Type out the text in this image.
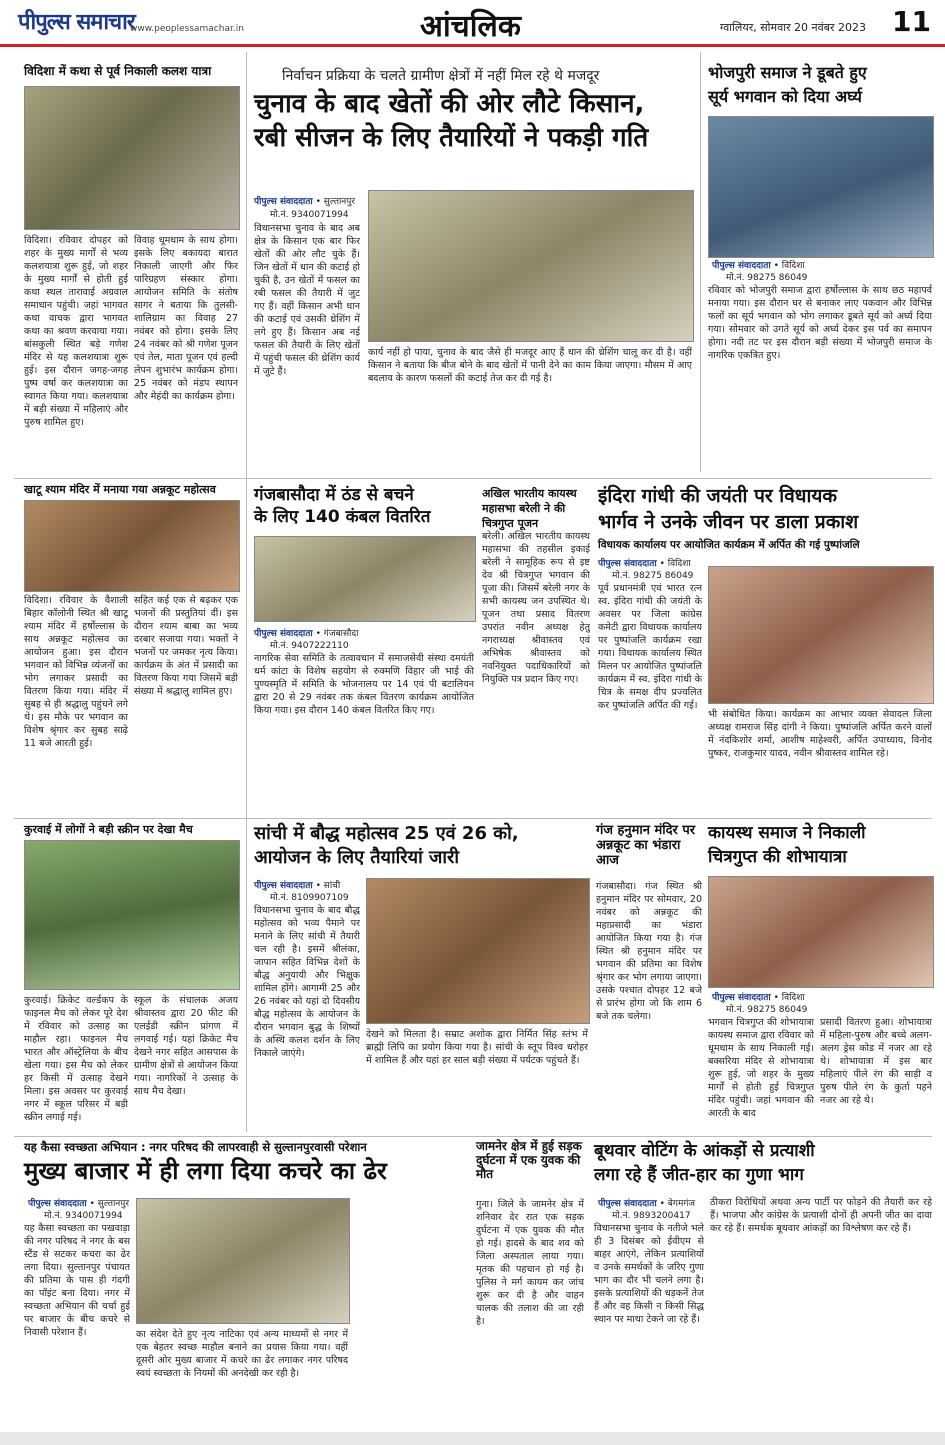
पीपुल्स समाचार
www.peoplessamachar.in	आंचलिक	ग्वालियर, सोमवार 20 नवंबर 2023 11
विदिशा में कथा से पूर्व निकाली कलश यात्रा
विदिशा। रविवार दोपहर को शहर के मुख्य मार्गों से भव्य कलशयात्रा शुरू हुई, जो शहर के मुख्य मार्गों से होती हुई कथा स्थल तारावाई अग्रवाल समाधान पहुंची। जहां भागवत कथा वाचक द्वारा भागवत कथा का श्रवण करवाया गया। बांसकुली स्थित बड़े गणेश मंदिर से यह कलशयात्रा शुरू हुई। इस दौरान जगह-जगह पुष्प वर्षा कर कलशयात्रा का स्वागत किया गया। कलशयात्रा में बड़ी संख्या में महिलाएं और पुरुष शामिल हुए।
विवाह धूमधाम के साथ होगा। इसके लिए बकायदा बारात निकाली जाएगी और फिर पारिग्रहण संस्कार होगा। आयोजन समिति के संतोष सागर ने बताया कि तुलसी-शालिग्राम का विवाह 27 नवंबर को होगा। इसके लिए 24 नवंबर को श्री गणेश पूजन एवं तेल, माता पूजन एवं हल्दी लेपन शुभारंभ कार्यक्रम होगा। 25 नवंबर को मंडप स्थापन और मेहंदी का कार्यक्रम होगा।
निर्वाचन प्रक्रिया के चलते ग्रामीण क्षेत्रों में नहीं मिल रहे थे मजदूर
चुनाव के बाद खेतों की ओर लौटे किसान,
रबी सीजन के लिए तैयारियों ने पकड़ी गति
पीपुल्स संवाददाता • सुल्तानपुर
मो.नं. 9340071994
विधानसभा चुनाव के बाद अब क्षेत्र के किसान एक बार फिर खेतों की ओर लौट चुके हैं। जिन खेतों में धान की कटाई हो चुकी है, उन खेतों में फसल का रबी फसल की तैयारी में जुट गए हैं। वहीं किसान अभी धान की कटाई एवं उसकी थ्रेशिंग में लगे हुए हैं। किसान अब नई फसल की तैयारी के लिए खेतों में पहुंची फसल की थ्रेशिंग कार्य में जुटे हैं।
कार्य नहीं हो पाया, चुनाव के बाद जैसे ही मजदूर आए हैं धान की थ्रेशिंग चालू कर दी है। वहीं किसान ने बताया कि बीज बोने के बाद खेतों में पानी देने का काम किया जाएगा। मौसम में आए बदलाव के कारण फसलों की कटाई तेज कर दी गई है।
भोजपुरी समाज ने डूबते हुए
सूर्य भगवान को दिया अर्घ्य
पीपुल्स संवाददाता • विदिशा
मो.नं. 98275 86049
रविवार को भोजपुरी समाज द्वारा हर्षोल्लास के साथ छठ महापर्व मनाया गया। इस दौरान घर से बनाकर लाए पकवान और विभिन्न फलों का सूर्य भगवान को भोग लगाकर डूबते सूर्य को अर्घ्य दिया गया। सोमवार को उगते सूर्य को अर्घ्य देकर इस पर्व का समापन होगा। नदी तट पर इस दौरान बड़ी संख्या में भोजपुरी समाज के नागरिक एकत्रित हुए।
खाटू श्याम मंदिर में मनाया गया अन्नकूट महोत्सव
विदिशा। रविवार के वैशाली बिहार कॉलोनी स्थित श्री खाटू श्याम मंदिर में हर्षोल्लास के साथ अन्नकूट महोत्सव का आयोजन हुआ। इस दौरान भगवान को विभिन्न व्यंजनों का भोग लगाकर प्रसादी का वितरण किया गया। मंदिर में सुबह से ही श्रद्धालु पहुंचने लगे थे। इस मौके पर भगवान का विशेष श्रृंगार कर सुबह साढ़े 11 बजे आरती हुई।
सहित कई एक से बढ़कर एक भजनों की प्रस्तुतियां दीं। इस दौरान श्याम बाबा का भव्य दरबार सजाया गया। भक्तों ने भजनों पर जमकर नृत्य किया। कार्यक्रम के अंत में प्रसादी का वितरण किया गया जिसमें बड़ी संख्या में श्रद्धालु शामिल हुए।
गंजबासौदा में ठंड से बचने
के लिए 140 कंबल वितरित
पीपुल्स संवाददाता • गंजबासौदा
मो.नं. 9407222110
नागरिक सेवा समिति के तत्वावधान में समाजसेवी संस्था दमयंती धर्म कांटा के विशेष सहयोग से रुक्मणि विहार जी भाई की पुण्यस्मृति में समिति के भोजनालय पर 14 एवं पी बटालियन द्वारा 20 से 29 नवंबर तक कंबल वितरण कार्यक्रम आयोजित किया गया। इस दौरान 140 कंबल वितरित किए गए।
अखिल भारतीय कायस्थ महासभा बरेली ने की चित्रगुप्त पूजन
बरेली। अखिल भारतीय कायस्थ महासभा की तहसील इकाई बरेली ने सामूहिक रूप से इष्ट देव श्री चित्रगुप्त भगवान की पूजा की। जिसमें बरेली नगर के सभी कायस्थ जन उपस्थित थे। पूजन तथा प्रसाद वितरण उपरांत नवीन अध्यक्ष हेतु नगराध्यक्ष श्रीवास्तव एवं अभिषेक श्रीवास्तव को नवनियुक्त पदाधिकारियों को नियुक्ति पत्र प्रदान किए गए।
इंदिरा गांधी की जयंती पर विधायक
भार्गव ने उनके जीवन पर डाला प्रकाश
विधायक कार्यालय पर आयोजित कार्यक्रम में अर्पित की गई पुष्पांजलि
पीपुल्स संवाददाता • विदिशा
मो.नं. 98275 86049
पूर्व प्रधानमंत्री एवं भारत रत्न स्व. इंदिरा गांधी की जयंती के अवसर पर जिला कांग्रेस कमेटी द्वारा विधायक कार्यालय पर पुष्पांजलि कार्यक्रम रखा गया। विधायक कार्यालय स्थित मिलन पर आयोजित पुष्पांजलि कार्यक्रम में स्व. इंदिरा गांधी के चित्र के समक्ष दीप प्रज्वलित कर पुष्पांजलि अर्पित की गई।
भी संबोधित किया। कार्यक्रम का आभार व्यक्त सेवादल जिला अध्यक्ष रामराज सिंह दांगी ने किया। पुष्पांजलि अर्पित करने वालों में नंदकिशोर शर्मा, आशीष माहेश्वरी, अर्पित उपाध्याय, विनोद पुष्कर, राजकुमार यादव, नवीन श्रीवास्तव शामिल रहे।
कुरवाई में लोगों ने बड़ी स्क्रीन पर देखा मैच
कुरवाई। क्रिकेट वर्ल्डकप के फाइनल मैच को लेकर पूरे देश में रविवार को उत्साह का माहौल रहा। फाइनल मैच भारत और ऑस्ट्रेलिया के बीच खेला गया। इस मैच को लेकर हर किसी में उत्साह देखने मिला। इस अवसर पर कुरवाई नगर में स्कूल परिसर में बड़ी स्क्रीन लगाई गई।
स्कूल के संचालक अजय श्रीवास्तव द्वारा 20 फीट की एलईडी स्क्रीन प्रांगण में लगवाई गई। यहां क्रिकेट मैच देखने नगर सहित आसपास के ग्रामीण क्षेत्रों से आयोजन किया गया। नागरिकों ने उत्साह के साथ मैच देखा।
सांची में बौद्ध महोत्सव 25 एवं 26 को,
आयोजन के लिए तैयारियां जारी
पीपुल्स संवाददाता • सांची
मो.नं. 8109907109
विधानसभा चुनाव के बाद बौद्ध महोत्सव को भव्य पैमाने पर मनाने के लिए सांची में तैयारी चल रही है। इसमें श्रीलंका, जापान सहित विभिन्न देशों के बौद्ध अनुयायी और भिक्षुक शामिल होंगे। आगामी 25 और 26 नवंबर को यहां दो दिवसीय बौद्ध महोत्सव के आयोजन के दौरान भगवान बुद्ध के शिष्यों के अस्थि कलश दर्शन के लिए निकाले जाएंगे।
देखने को मिलता है। सम्राट अशोक द्वारा निर्मित सिंह स्तंभ में ब्राह्मी लिपि का प्रयोग किया गया है। सांची के स्तूप विश्व धरोहर में शामिल हैं और यहां हर साल बड़ी संख्या में पर्यटक पहुंचते हैं।
गंज हनुमान मंदिर पर अन्नकूट का भंडारा आज
गंजबासौदा। गंज स्थित श्री हनुमान मंदिर पर सोमवार, 20 नवंबर को अन्नकूट की महाप्रसादी का भंडारा आयोजित किया गया है। गंज स्थित श्री हनुमान मंदिर पर भगवान की प्रतिमा का विशेष श्रृंगार कर भोग लगाया जाएगा। उसके पश्चात दोपहर 12 बजे से प्रारंभ होगा जो कि शाम 6 बजे तक चलेगा।
कायस्थ समाज ने निकाली
चित्रगुप्त की शोभायात्रा
पीपुल्स संवाददाता • विदिशा
मो.नं. 98275 86049
भगवान चित्रगुप्त की शोभायात्रा कायस्थ समाज द्वारा रविवार को धूमधाम के साथ निकाली गई। बक्सरिया मंदिर से शोभायात्रा शुरू हुई, जो शहर के मुख्य मार्गों से होती हुई चित्रगुप्त मंदिर पहुंची। जहां भगवान की आरती के बाद
प्रसादी वितरण हुआ। शोभायात्रा में महिला-पुरुष और बच्चे अलग-अलग ड्रेस कोड में नजर आ रहे थे। शोभायात्रा में इस बार महिलाएं पीले रंग की साड़ी व पुरुष पीले रंग के कुर्ता पहने नजर आ रहे थे।
यह कैसा स्वच्छता अभियान : नगर परिषद की लापरवाही से सुल्तानपुरवासी परेशान
मुख्य बाजार में ही लगा दिया कचरे का ढेर
पीपुल्स संवाददाता • सुल्तानपुर
मो.नं. 9340071994
यह कैसा स्वच्छता का पखवाड़ा की नगर परिषद ने नगर के बस स्टैंड से सटकर कचरा का ढेर लगा दिया। सुल्तानपुर पंचायत की प्रतिमा के पास ही गंदगी का पॉइंट बना दिया। नगर में स्वच्छता अभियान की चर्चा हुई पर बाजार के बीच कचरे से निवासी परेशान हैं।	का संदेश देते हुए नृत्य नाटिका एवं अन्य माध्यमों से नगर में एक बेहतर स्वच्छ माहौल बनाने का प्रयास किया गया। वहीं दूसरी ओर मुख्य बाजार में कचरे का ढेर लगाकर नगर परिषद स्वयं स्वच्छता के नियमों की अनदेखी कर रही है।
जामनेर क्षेत्र में हुई सड़क दुर्घटना में एक युवक की मौत
गुना। जिले के जामनेर क्षेत्र में शनिवार देर रात एक सड़क दुर्घटना में एक युवक की मौत हो गई। हादसे के बाद शव को जिला अस्पताल लाया गया। मृतक की पहचान हो गई है। पुलिस ने मर्ग कायम कर जांच शुरू कर दी है और वाहन चालक की तलाश की जा रही है।
बूथवार वोटिंग के आंकड़ों से प्रत्याशी
लगा रहे हैं जीत-हार का गुणा भाग
पीपुल्स संवाददाता • बेगमगंज
मो.नं. 9893200417
विधानसभा चुनाव के नतीजे भले ही 3 दिसंबर को ईवीएम से बाहर आएंगे, लेकिन प्रत्याशियों व उनके समर्थकों के जरिए गुणा भाग का दौर भी चलने लगा है। इसके प्रत्याशियों की धड़कनें तेज हैं और वह किसी न किसी सिद्ध स्थान पर माथा टेकने जा रहे हैं।
ठीकरा विरोधियों अथवा अन्य पार्टी पर फोड़ने की तैयारी कर रहे हैं। भाजपा और कांग्रेस के प्रत्याशी दोनों ही अपनी जीत का दावा कर रहे हैं। समर्थक बूथवार आंकड़ों का विश्लेषण कर रहे हैं।
